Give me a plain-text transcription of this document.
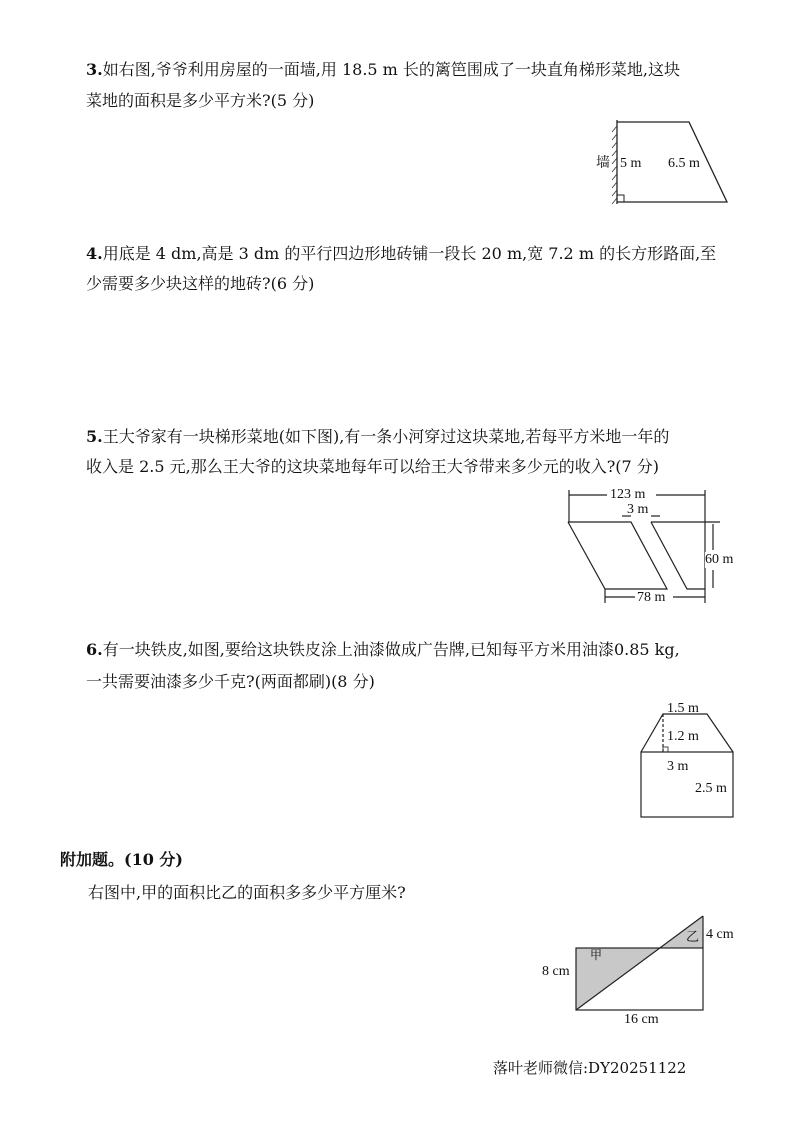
3.如右图,爷爷利用房屋的一面墙,用 18.5 m 长的篱笆围成了一块直角梯形菜地,这块
菜地的面积是多少平方米?(5 分)
墙 5 m 6.5 m
4.用底是 4 dm,高是 3 dm 的平行四边形地砖铺一段长 20 m,宽 7.2 m 的长方形路面,至
少需要多少块这样的地砖?(6 分)
5.王大爷家有一块梯形菜地(如下图),有一条小河穿过这块菜地,若每平方米地一年的
收入是 2.5 元,那么王大爷的这块菜地每年可以给王大爷带来多少元的收入?(7 分)
123 m
3 m
60 m
78 m
6.有一块铁皮,如图,要给这块铁皮涂上油漆做成广告牌,已知每平方米用油漆0.85 kg,
一共需要油漆多少千克?(两面都刷)(8 分)
1.5 m
1.2 m
3 m
2.5 m
附加题。(10 分)
右图中,甲的面积比乙的面积多多少平方厘米?
甲
乙
8 cm
16 cm
4 cm
落叶老师微信:DY20251122
